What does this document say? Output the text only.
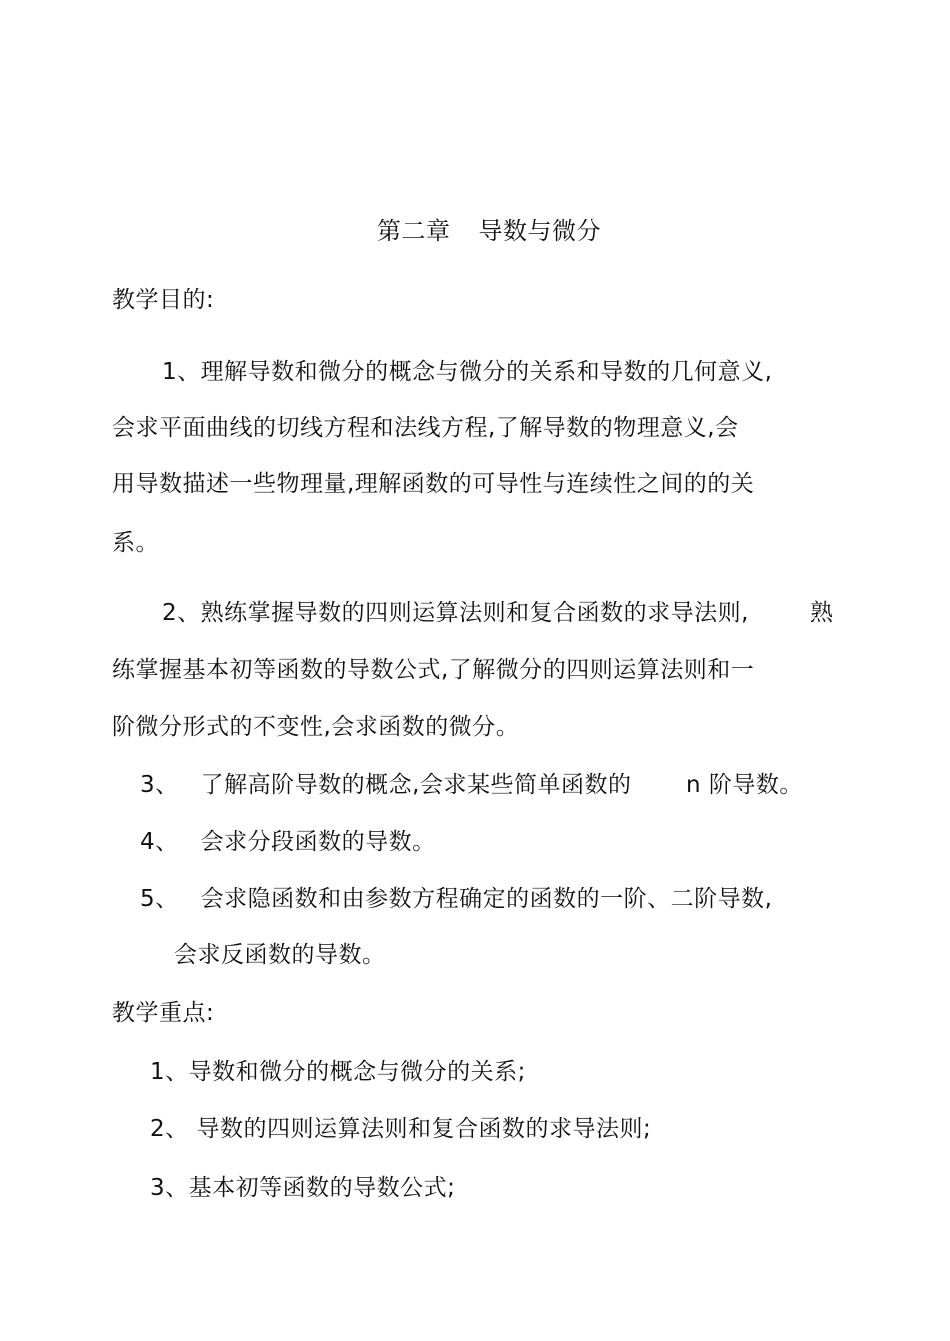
第二章 导数与微分
教学目的:
1、理解导数和微分的概念与微分的关系和导数的几何意义,
会求平面曲线的切线方程和法线方程,了解导数的物理意义,会
用导数描述一些物理量,理解函数的可导性与连续性之间的的关
系。
2、熟练掌握导数的四则运算法则和复合函数的求导法则,	熟
练掌握基本初等函数的导数公式,了解微分的四则运算法则和一
阶微分形式的不变性,会求函数的微分。
3、 了解高阶导数的概念,会求某些简单函数的 n 阶导数。
4、 会求分段函数的导数。
5、 会求隐函数和由参数方程确定的函数的一阶、二阶导数,
会求反函数的导数。
教学重点:
1、导数和微分的概念与微分的关系;
2、 导数的四则运算法则和复合函数的求导法则;
3、基本初等函数的导数公式;
